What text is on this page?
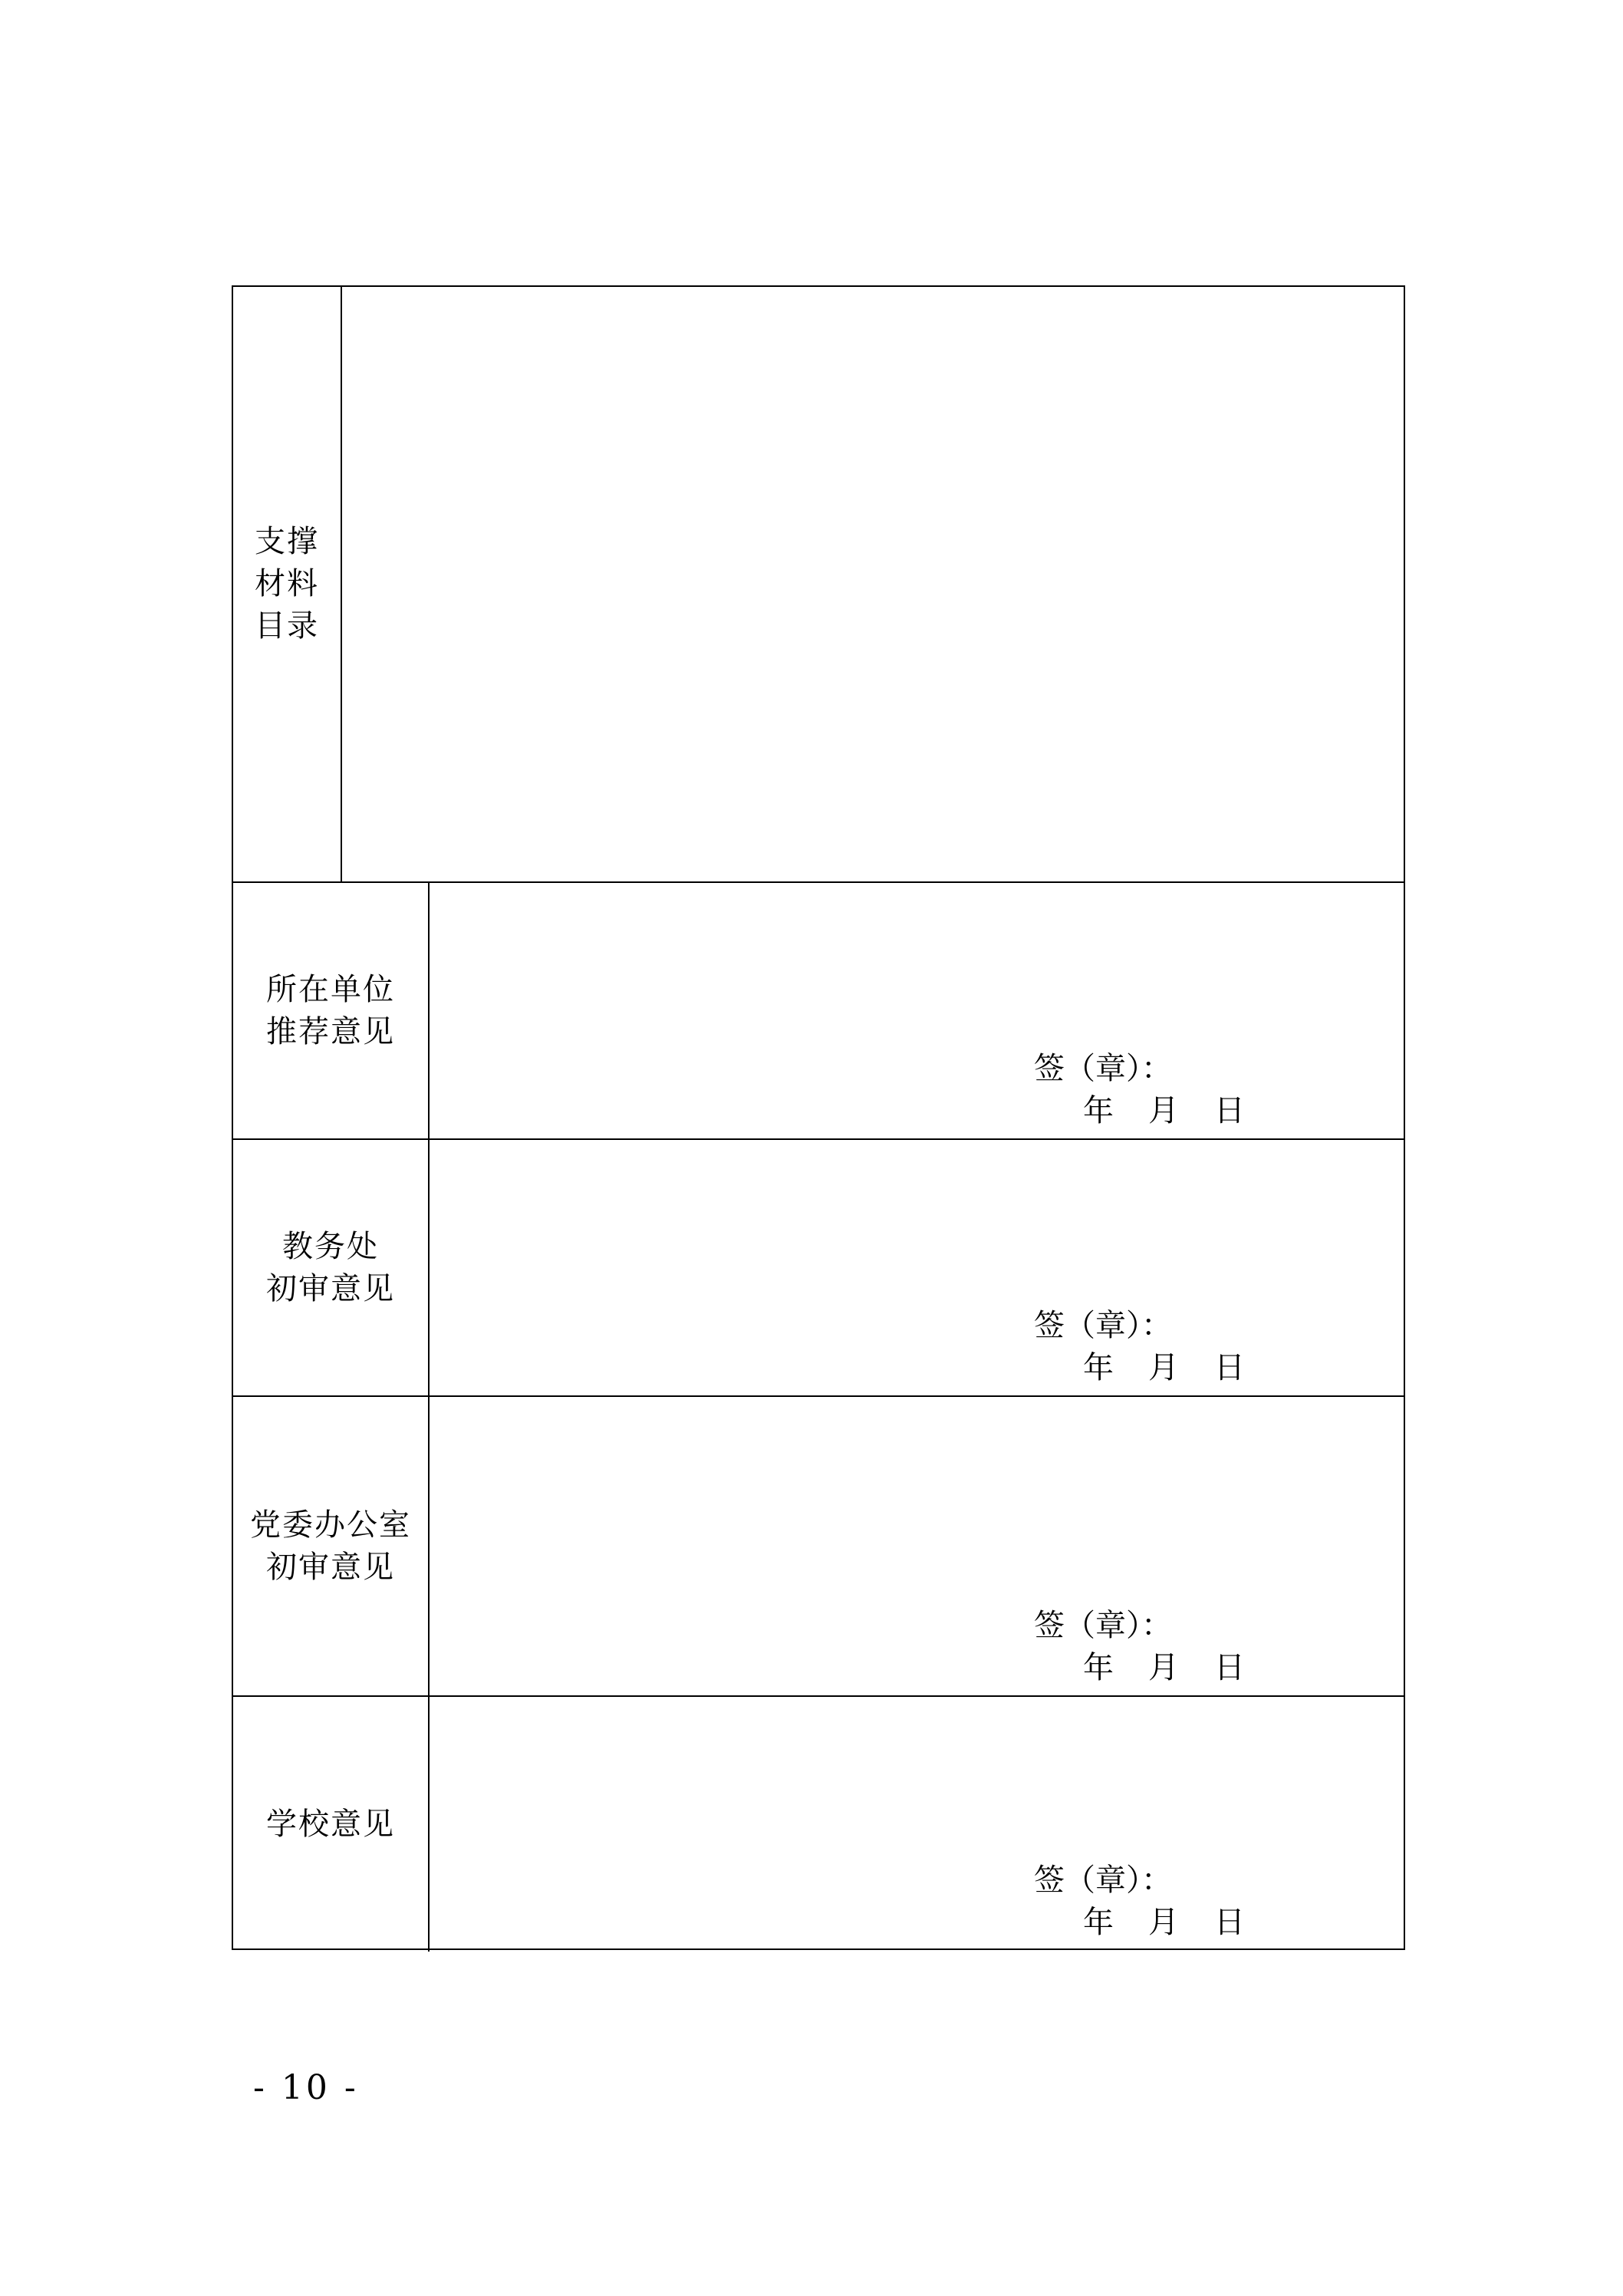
支撑
材料
目录
所在单位
推荐意见
签（章）：
年 月 日
教务处
初审意见
签（章）：
年 月 日
党委办公室
初审意见
签（章）：
年 月 日
学校意见
签（章）：
年 月 日
- 10 -
